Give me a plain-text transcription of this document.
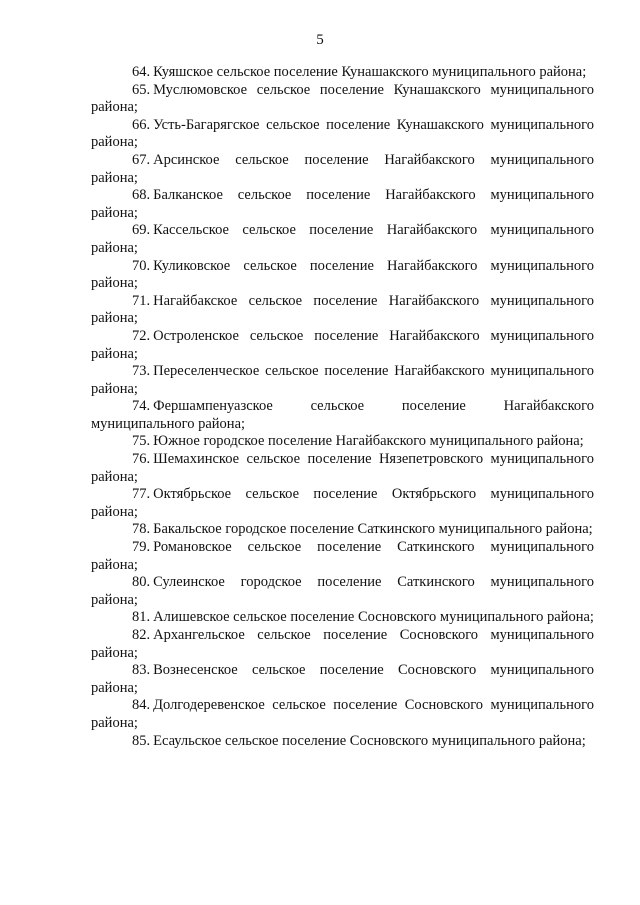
5

64. Куяшское сельское поселение Кунашакского муниципального района;

65. Муслюмовское сельское поселение Кунашакского муниципального района;

66. Усть-Багарягское сельское поселение Кунашакского муниципального района;

67. Арсинское сельское поселение Нагайбакского муниципального района;

68. Балканское сельское поселение Нагайбакского муниципального района;

69. Кассельское сельское поселение Нагайбакского муниципального района;

70. Куликовское сельское поселение Нагайбакского муниципального района;

71. Нагайбакское сельское поселение Нагайбакского муниципального района;

72. Остроленское сельское поселение Нагайбакского муниципального района;

73. Переселенческое сельское поселение Нагайбакского муниципального района;

74. Фершампенуазское сельское поселение Нагайбакского муниципального района;

75. Южное городское поселение Нагайбакского муниципального района;

76. Шемахинское сельское поселение Нязепетровского муниципального района;

77. Октябрьское сельское поселение Октябрьского муниципального района;

78. Бакальское городское поселение Саткинского муниципального района;

79. Романовское сельское поселение Саткинского муниципального района;

80. Сулеинское городское поселение Саткинского муниципального района;

81. Алишевское сельское поселение Сосновского муниципального района;

82. Архангельское сельское поселение Сосновского муниципального района;

83. Вознесенское сельское поселение Сосновского муниципального района;

84. Долгодеревенское сельское поселение Сосновского муниципального района;

85. Есаульское сельское поселение Сосновского муниципального района;
